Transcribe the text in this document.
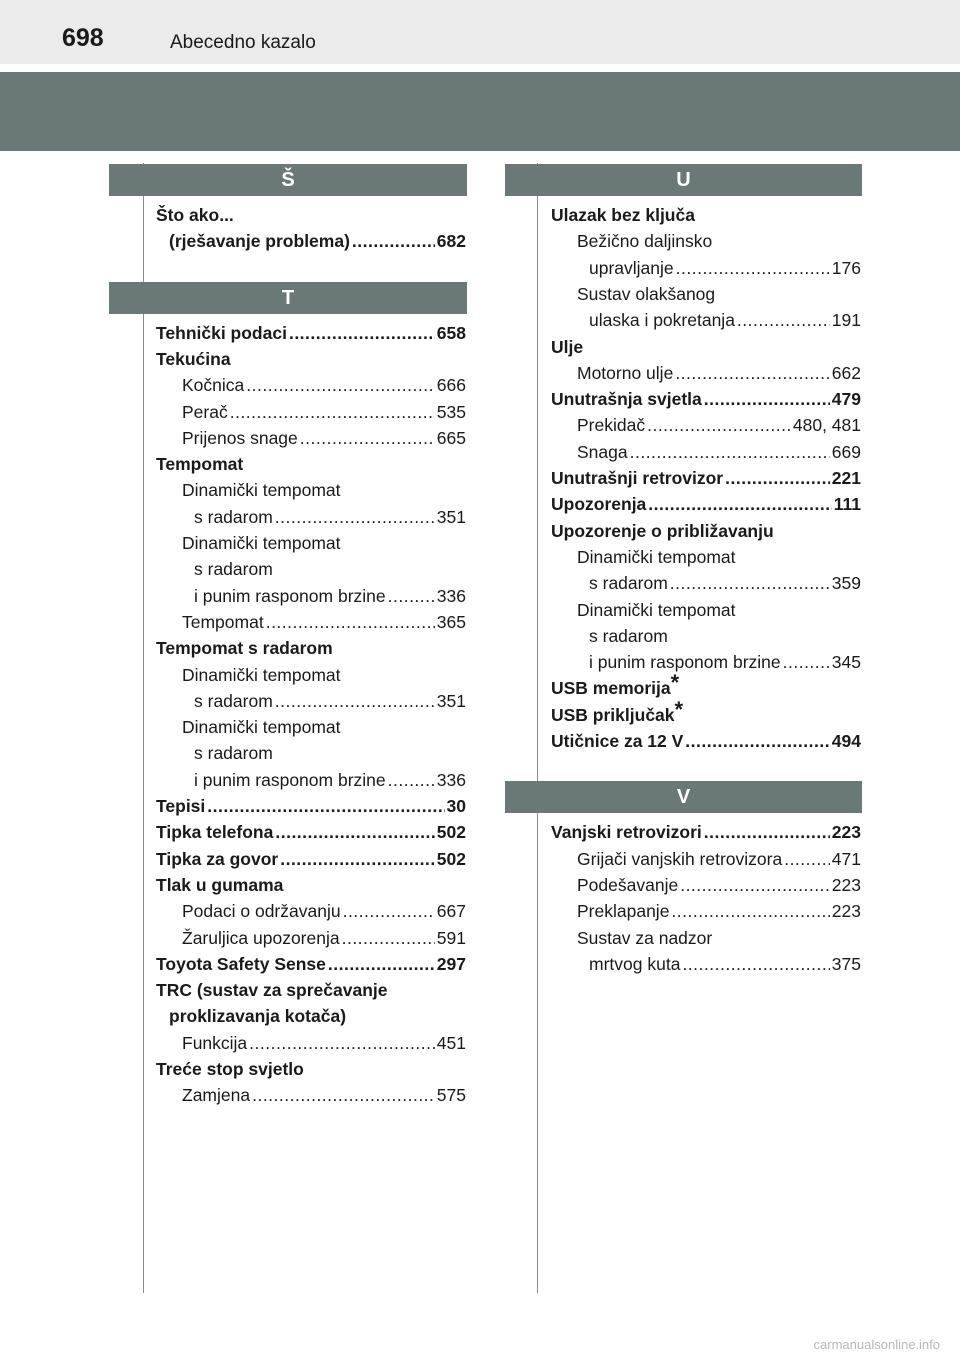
698	Abecedno kazalo
Š
Što ako...
(rješavanje problema) .....	682
T
Tehnički podaci .....	658
Tekućina
Kočnica .....	666
Perač .....	535
Prijenos snage .....	665
Tempomat
Dinamički tempomat
s radarom .....	351
Dinamički tempomat
s radarom
i punim rasponom brzine .....	336
Tempomat .....	365
Tempomat s radarom
Dinamički tempomat
s radarom .....	351
Dinamički tempomat
s radarom
i punim rasponom brzine .....	336
Tepisi .....	30
Tipka telefona .....	502
Tipka za govor .....	502
Tlak u gumama
Podaci o održavanju .....	667
Žaruljica upozorenja .....	591
Toyota Safety Sense .....	297
TRC (sustav za sprečavanje
proklizavanja kotača)
Funkcija .....	451
Treće stop svjetlo
Zamjena .....	575
U
Ulazak bez ključa
Bežično daljinsko
upravljanje .....	176
Sustav olakšanog
ulaska i pokretanja .....	191
Ulje
Motorno ulje .....	662
Unutrašnja svjetla .....	479
Prekidač .....	480, 481
Snaga .....	669
Unutrašnji retrovizor .....	221
Upozorenja .....	111
Upozorenje o približavanju
Dinamički tempomat
s radarom .....	359
Dinamički tempomat
s radarom
i punim rasponom brzine .....	345
USB memorija *
USB priključak *
Utičnice za 12 V .....	494
V
Vanjski retrovizori .....	223
Grijači vanjskih retrovizora .....	471
Podešavanje .....	223
Preklapanje .....	223
Sustav za nadzor
mrtvog kuta .....	375
carmanualsonline.info
